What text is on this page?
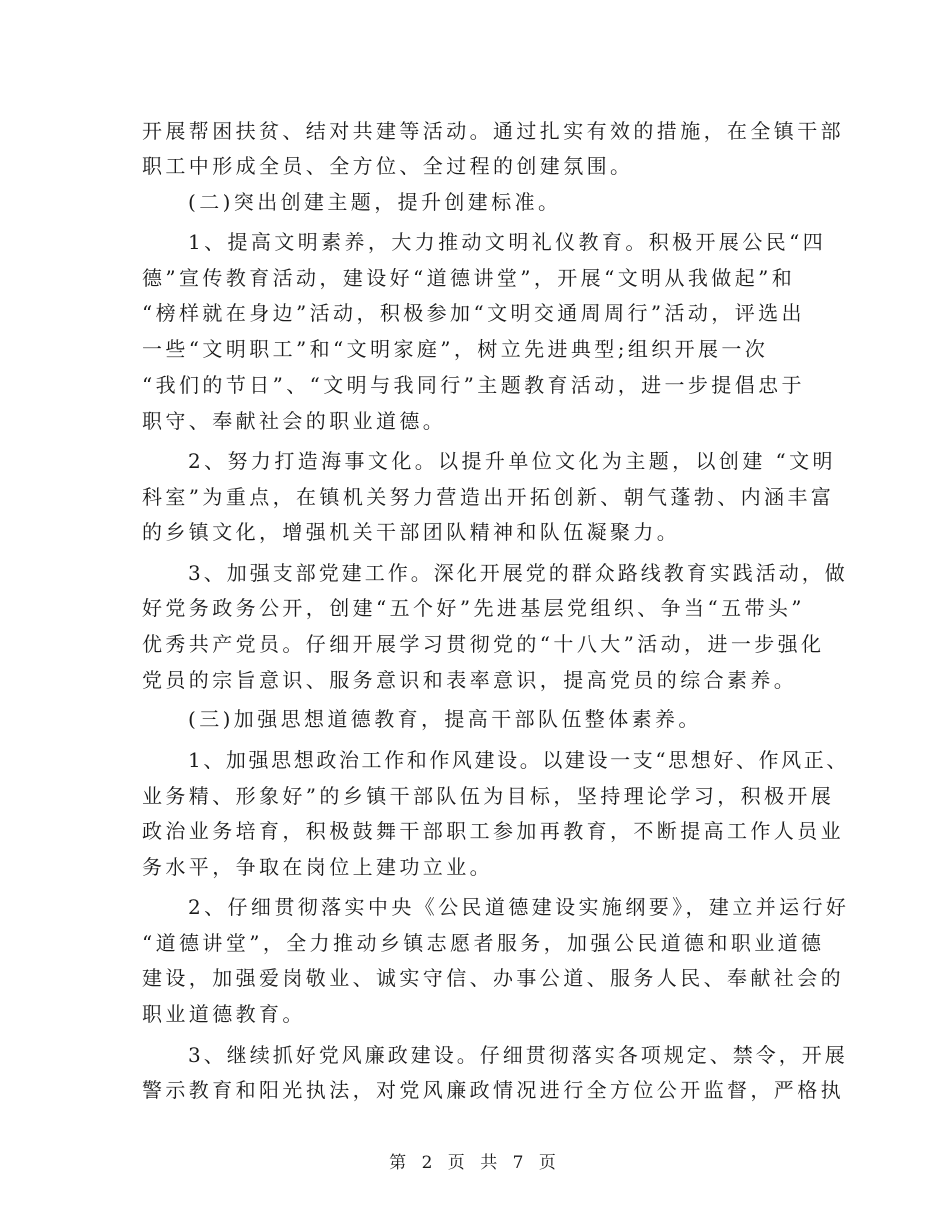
开展帮困扶贫、结对共建等活动。通过扎实有效的措施，在全镇干部
职工中形成全员、全方位、全过程的创建氛围。
(二)突出创建主题，提升创建标准。
1、提高文明素养，大力推动文明礼仪教育。积极开展公民“四
德”宣传教育活动，建设好“道德讲堂”，开展“文明从我做起”和
“榜样就在身边”活动，积极参加“文明交通周周行”活动，评选出
一些“文明职工”和“文明家庭”，树立先进典型;组织开展一次
“我们的节日”、“文明与我同行”主题教育活动，进一步提倡忠于
职守、奉献社会的职业道德。
2、努力打造海事文化。以提升单位文化为主题，以创建 “文明
科室”为重点，在镇机关努力营造出开拓创新、朝气蓬勃、内涵丰富
的乡镇文化，增强机关干部团队精神和队伍凝聚力。
3、加强支部党建工作。深化开展党的群众路线教育实践活动，做
好党务政务公开，创建“五个好”先进基层党组织、争当“五带头”
优秀共产党员。仔细开展学习贯彻党的“十八大”活动，进一步强化
党员的宗旨意识、服务意识和表率意识，提高党员的综合素养。
(三)加强思想道德教育，提高干部队伍整体素养。
1、加强思想政治工作和作风建设。以建设一支“思想好、作风正、
业务精、形象好”的乡镇干部队伍为目标，坚持理论学习，积极开展
政治业务培育，积极鼓舞干部职工参加再教育，不断提高工作人员业
务水平，争取在岗位上建功立业。
2、仔细贯彻落实中央《公民道德建设实施纲要》，建立并运行好
“道德讲堂”，全力推动乡镇志愿者服务，加强公民道德和职业道德
建设，加强爱岗敬业、诚实守信、办事公道、服务人民、奉献社会的
职业道德教育。
3、继续抓好党风廉政建设。仔细贯彻落实各项规定、禁令，开展
警示教育和阳光执法，对党风廉政情况进行全方位公开监督，严格执
第 2 页 共 7 页
